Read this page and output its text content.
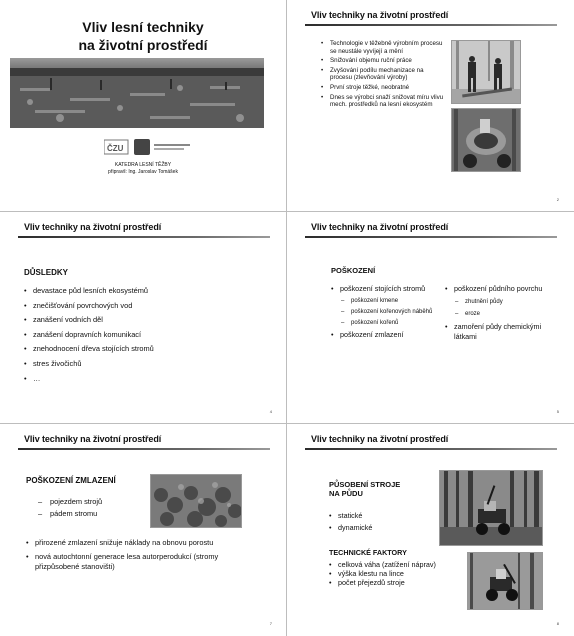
Vliv lesní techniky
na životní prostředí
ČZU
KATEDRA LESNÍ TĚŽBY
připravil: Ing. Jaroslav Tomášek
Vliv techniky na životní prostředí
• Technologie v těžebně výrobním procesu se neustále vyvíjejí a mění
• Snižování objemu ruční práce
• Zvyšování podílu mechanizace na procesu (zlevňování výroby)
• První stroje těžké, neobratné
• Dnes se výrobci snaží snižovat míru vlivu mech. prostředků na lesní ekosystém
2
Vliv techniky na životní prostředí
DŮSLEDKY
• devastace půd lesních ekosystémů
• znečišťování povrchových vod
• zanášení vodních děl
• zanášení dopravních komunikací
• znehodnocení dřeva stojících stromů
• stres živočichů
• …
4
Vliv techniky na životní prostředí
POŠKOZENÍ
• poškození stojících stromů
– poškození kmene
– poškození kořenových náběhů
– poškození kořenů
• poškození zmlazení
• poškození půdního povrchu
– zhutnění půdy
– eroze
• zamoření půdy chemickými látkami
5
Vliv techniky na životní prostředí
POŠKOZENÍ ZMLAZENÍ
– pojezdem strojů
– pádem stromu
• přirozené zmlazení snižuje náklady na obnovu porostu
• nová autochtonní generace lesa autorperodukcí (stromy přizpůsobené stanovišti)
7
Vliv techniky na životní prostředí
PŮSOBENÍ STROJE
NA PŮDU
• statické
• dynamické
TECHNICKÉ FAKTORY
• celková váha (zatížení náprav)
• výška klestu na lince
• počet přejezdů stroje
8
